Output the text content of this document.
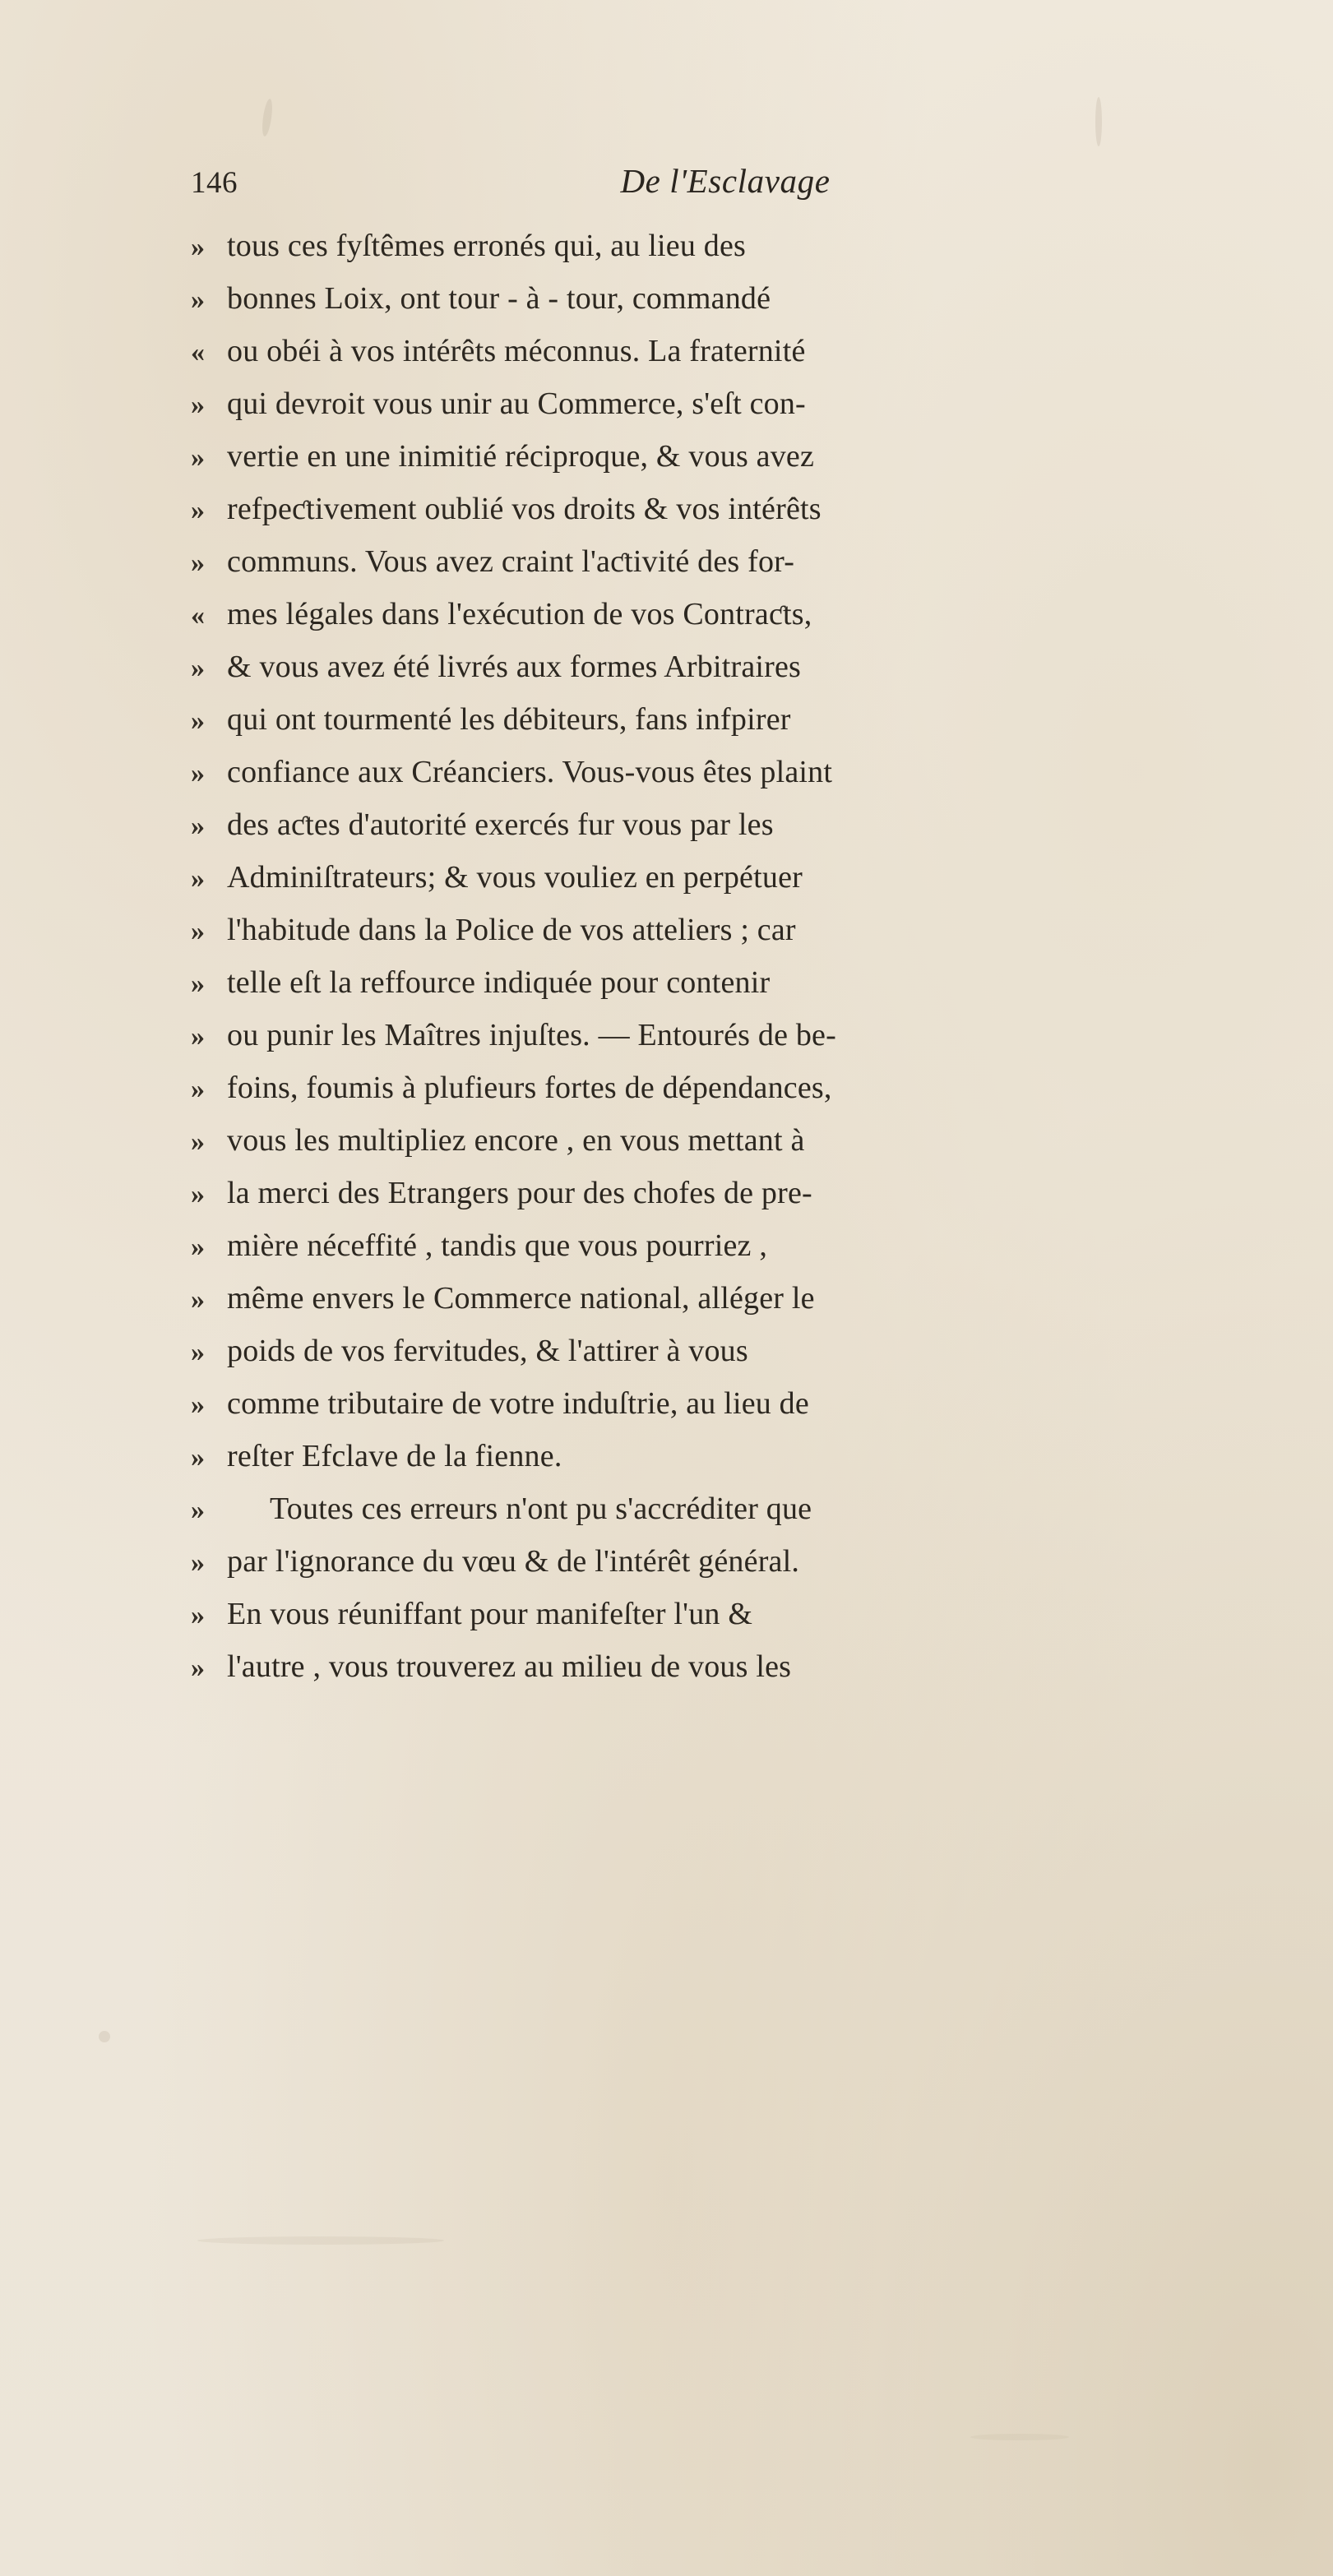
146	De l'Esclavage
» tous ces fyſtêmes erronés qui, au lieu des
» bonnes Loix, ont tour - à - tour, commandé
« ou obéi à vos intérêts méconnus. La fraternité
» qui devroit vous unir au Commerce, s'eſt con-
» vertie en une inimitié réciproque, & vous avez
» refpeƈtivement oublié vos droits & vos intérêts
» communs. Vous avez craint l'aƈtivité des for-
« mes légales dans l'exécution de vos Contraƈts,
» & vous avez été livrés aux formes Arbitraires
» qui ont tourmenté les débiteurs, fans infpirer
» confiance aux Créanciers. Vous-vous êtes plaint
» des aƈtes d'autorité exercés fur vous par les
» Adminiſtrateurs; & vous vouliez en perpétuer
» l'habitude dans la Police de vos atteliers ; car
» telle eſt la reffource indiquée pour contenir
» ou punir les Maîtres injuſtes. — Entourés de be-
» foins, foumis à plufieurs fortes de dépendances,
» vous les multipliez encore , en vous mettant à
» la merci des Etrangers pour des chofes de pre-
» mière néceffité , tandis que vous pourriez ,
» même envers le Commerce national, alléger le
» poids de vos fervitudes, & l'attirer à vous
» comme tributaire de votre induſtrie, au lieu de
» reſter Efclave de la fienne.
»	Toutes ces erreurs n'ont pu s'accréditer que
» par l'ignorance du vœu & de l'intérêt général.
» En vous réuniffant pour manifeſter l'un &
» l'autre , vous trouverez au milieu de vous les
